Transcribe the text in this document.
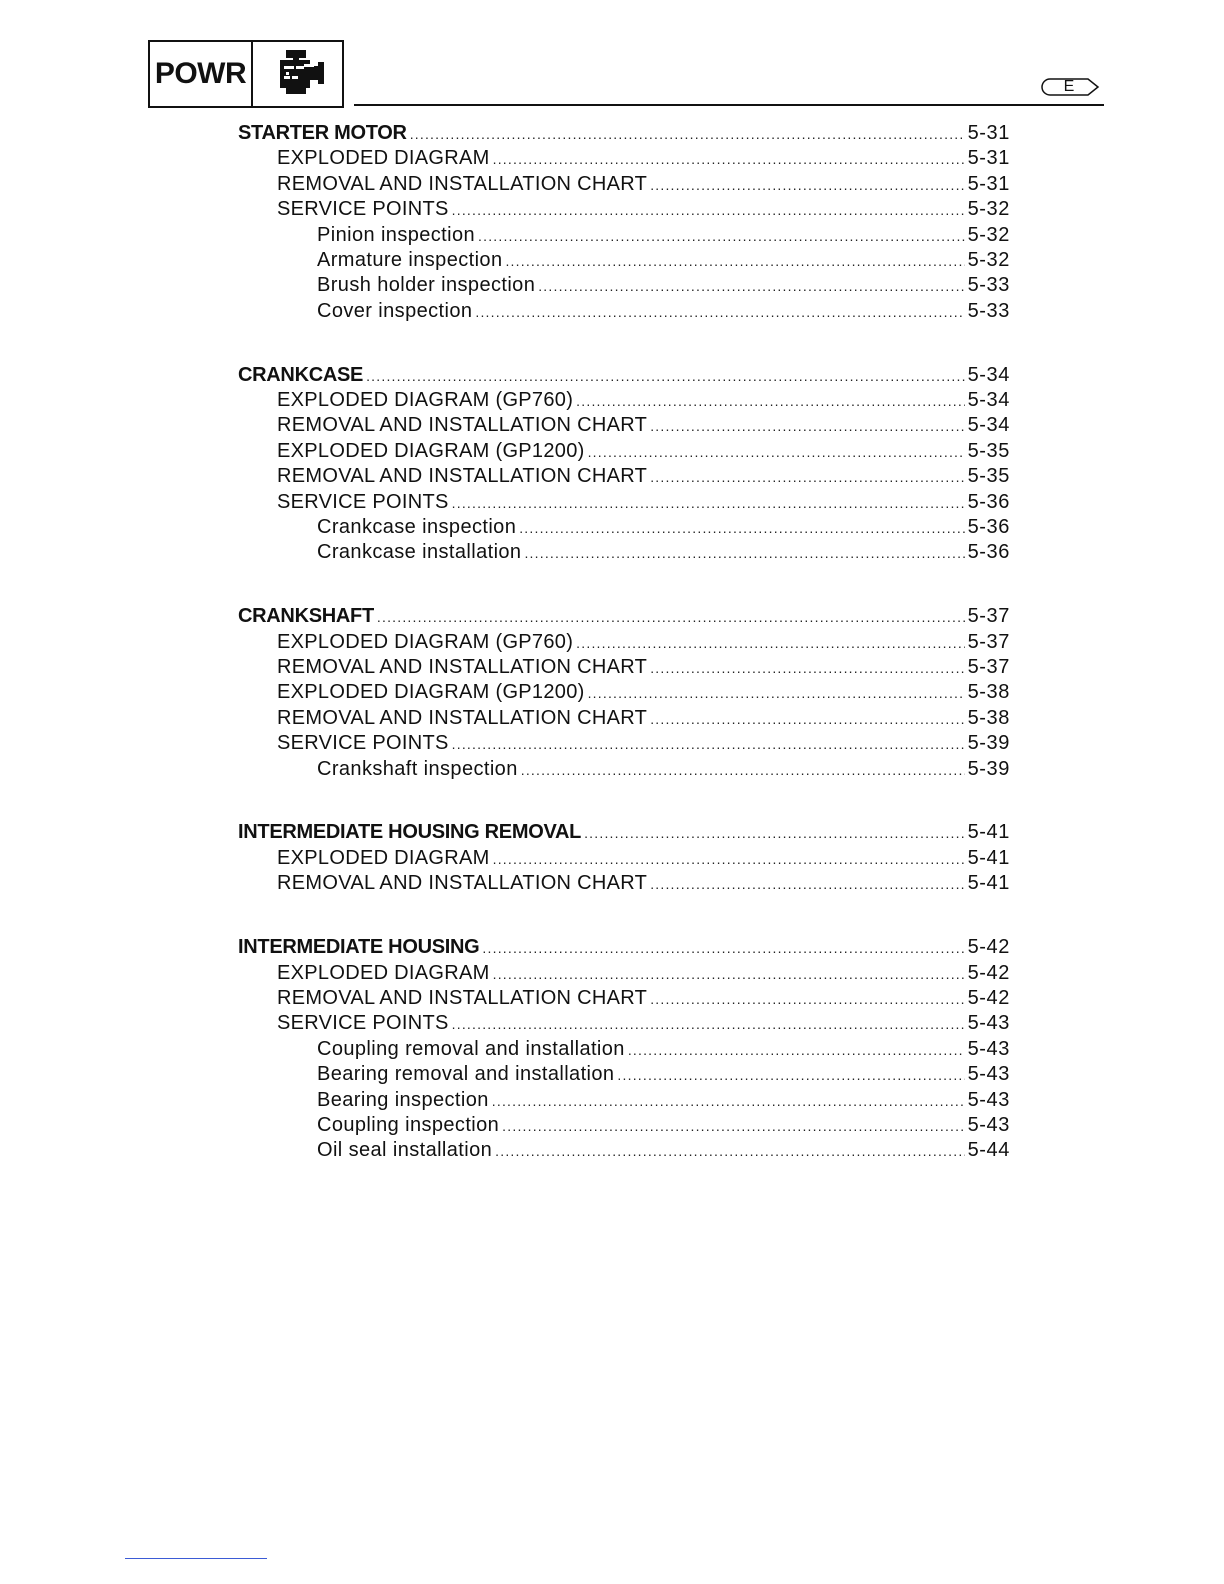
POWR	E
STARTER MOTOR .....	5-31
EXPLODED DIAGRAM .....	5-31
REMOVAL AND INSTALLATION CHART .....	5-31
SERVICE POINTS .....	5-32
Pinion inspection .....	5-32
Armature inspection .....	5-32
Brush holder inspection .....	5-33
Cover inspection .....	5-33
CRANKCASE .....	5-34
EXPLODED DIAGRAM (GP760) .....	5-34
REMOVAL AND INSTALLATION CHART .....	5-34
EXPLODED DIAGRAM (GP1200) .....	5-35
REMOVAL AND INSTALLATION CHART .....	5-35
SERVICE POINTS .....	5-36
Crankcase inspection .....	5-36
Crankcase installation .....	5-36
CRANKSHAFT .....	5-37
EXPLODED DIAGRAM (GP760) .....	5-37
REMOVAL AND INSTALLATION CHART .....	5-37
EXPLODED DIAGRAM (GP1200) .....	5-38
REMOVAL AND INSTALLATION CHART .....	5-38
SERVICE POINTS .....	5-39
Crankshaft inspection .....	5-39
INTERMEDIATE HOUSING REMOVAL .....	5-41
EXPLODED DIAGRAM .....	5-41
REMOVAL AND INSTALLATION CHART .....	5-41
INTERMEDIATE HOUSING .....	5-42
EXPLODED DIAGRAM .....	5-42
REMOVAL AND INSTALLATION CHART .....	5-42
SERVICE POINTS .....	5-43
Coupling removal and installation .....	5-43
Bearing removal and installation .....	5-43
Bearing inspection .....	5-43
Coupling inspection .....	5-43
Oil seal installation .....	5-44
